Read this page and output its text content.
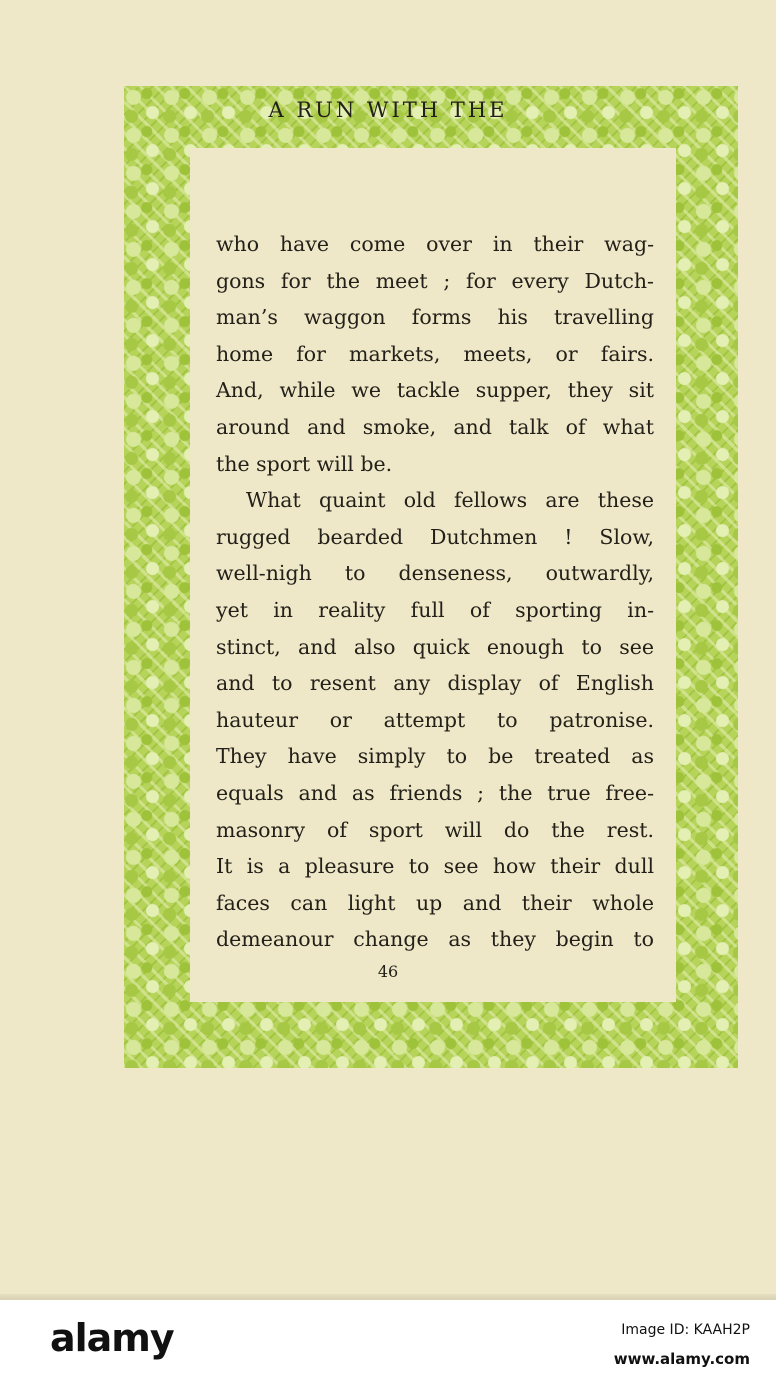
A RUN WITH THE

who have come over in their wag-
gons for the meet ; for every Dutch-
man’s waggon forms his travelling
home for markets, meets, or fairs.
And, while we tackle supper, they sit
around and smoke, and talk of what
the sport will be.
What quaint old fellows are these
rugged bearded Dutchmen ! Slow,
well-nigh to denseness, outwardly,
yet in reality full of sporting in-
stinct, and also quick enough to see
and to resent any display of English
hauteur or attempt to patronise.
They have simply to be treated as
equals and as friends ; the true free-
masonry of sport will do the rest.
It is a pleasure to see how their dull
faces can light up and their whole
demeanour change as they begin to

46

alamy	Image ID: KAAH2P
www.alamy.com
